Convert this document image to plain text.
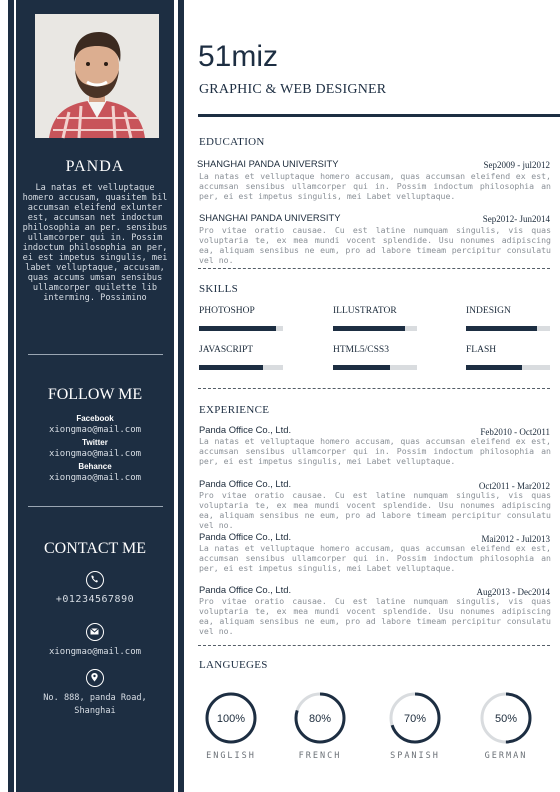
PANDA
La natas et velluptaque homero accusam, quasitem bil accumsan eleifend exlunter est, accumsan net indoctum philosophia an per. sensibus ullamcorper qui in. Possim indoctum philosophia an per, ei est impetus singulis, mei labet velluptaque, accusam, quas accums umsan sensibus ullamcorper quilette lib interming. Possimino
FOLLOW ME
Facebook
xiongmao@mail.com
Twitter
xiongmao@mail.com
Behance
xiongmao@mail.com
CONTACT ME
+01234567890
xiongmao@mail.com
No. 888, panda Road,
Shanghai
51miz
GRAPHIC & WEB DESIGNER
EDUCATION
SHANGHAI PANDA UNIVERSITY	Sep2009 - jul2012
La natas et velluptaque homero accusam, quas accumsan eleifend ex est, accumsan sensibus ullamcorper qui in. Possim indoctum philosophia an per, ei est impetus singulis, mei Labet velluptaque.
SHANGHAI PANDA UNIVERSITY	Sep2012- Jun2014
Pro vitae oratio causae. Cu est latine numquam singulis, vis quas voluptaria te, ex mea mundi vocent splendide. Usu nonumes adipiscing ea, aliquam sensibus ne eum, pro ad labore timeam percipitur consulatu vel no.
SKILLS
PHOTOSHOP	ILLUSTRATOR	INDESIGN
JAVASCRIPT	HTML5/CSS3	FLASH
EXPERIENCE
Panda Office Co., Ltd.	Feb2010 - Oct2011
La natas et velluptaque homero accusam, quas accumsan eleifend ex est, accumsan sensibus ullamcorper qui in. Possim indoctum philosophia an per, ei est impetus singulis, mei Labet velluptaque.
Panda Office Co., Ltd.	Oct2011 - Mar2012
Pro vitae oratio causae. Cu est latine numquam singulis, vis quas voluptaria te, ex mea mundi vocent splendide. Usu nonumes adipiscing ea, aliquam sensibus ne eum, pro ad labore timeam percipitur consulatu vel no.
Panda Office Co., Ltd.	Mai2012 - Jul2013
La natas et velluptaque homero accusam, quas accumsan eleifend ex est, accumsan sensibus ullamcorper qui in. Possim indoctum philosophia an per, ei est impetus singulis, mei Labet velluptaque.
Panda Office Co., Ltd.	Aug2013 - Dec2014
Pro vitae oratio causae. Cu est latine numquam singulis, vis quas voluptaria te, ex mea mundi vocent splendide. Usu nonumes adipiscing ea, aliquam sensibus ne eum, pro ad labore timeam percipitur consulatu vel no.
LANGUEGES
100%
ENGLISH
80%
FRENCH
70%
SPANISH
50%
GERMAN
